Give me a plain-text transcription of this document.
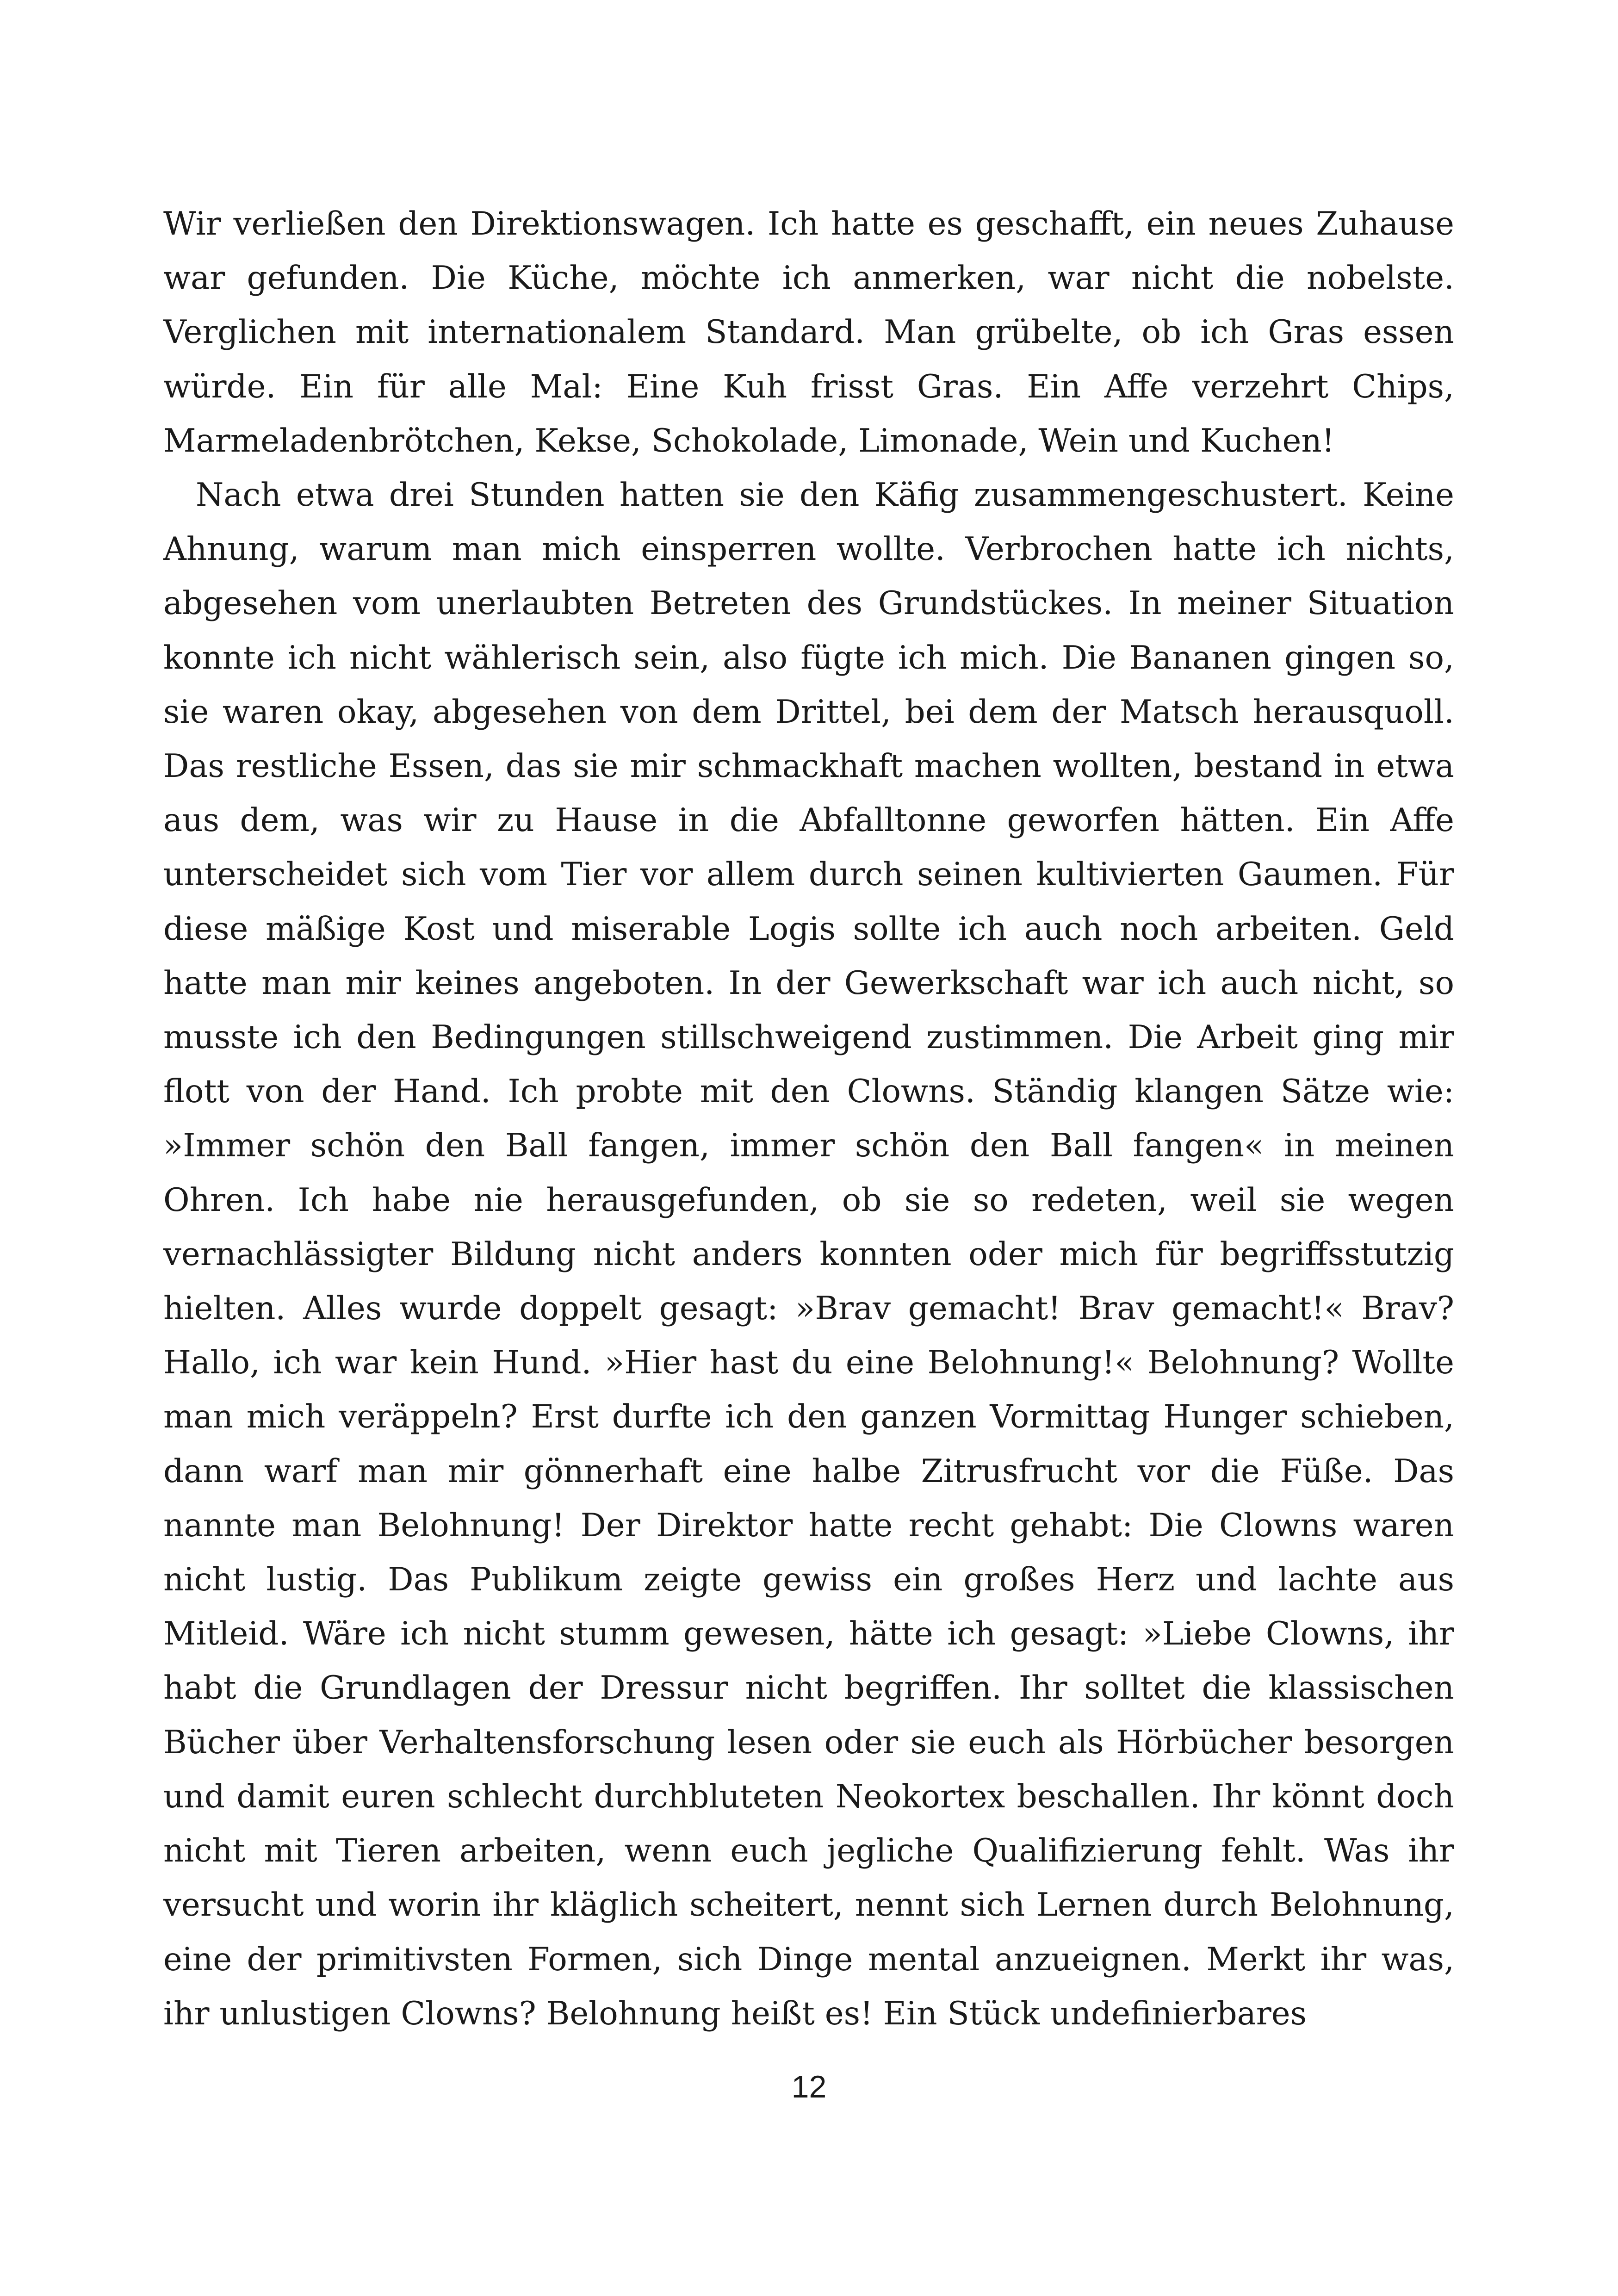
Wir verließen den Direktionswagen. Ich hatte es geschafft, ein neues Zuhause war gefunden. Die Küche, möchte ich anmerken, war nicht die nobelste. Verglichen mit internationalem Standard. Man grübelte, ob ich Gras essen würde. Ein für alle Mal: Eine Kuh frisst Gras. Ein Affe verzehrt Chips, Marmeladenbrötchen, Kekse, Schokolade, Limonade, Wein und Kuchen!

Nach etwa drei Stunden hatten sie den Käfig zusammengeschustert. Keine Ahnung, warum man mich einsperren wollte. Verbrochen hatte ich nichts, abgesehen vom unerlaubten Betreten des Grundstückes. In meiner Situation konnte ich nicht wählerisch sein, also fügte ich mich. Die Bananen gingen so, sie waren okay, abgesehen von dem Drittel, bei dem der Matsch herausquoll. Das restliche Essen, das sie mir schmackhaft machen wollten, bestand in etwa aus dem, was wir zu Hause in die Abfalltonne geworfen hätten. Ein Affe unterscheidet sich vom Tier vor allem durch seinen kultivierten Gaumen. Für diese mäßige Kost und miserable Logis sollte ich auch noch arbeiten. Geld hatte man mir keines angeboten. In der Gewerkschaft war ich auch nicht, so musste ich den Bedingungen stillschweigend zustimmen. Die Arbeit ging mir flott von der Hand. Ich probte mit den Clowns. Ständig klangen Sätze wie: »Immer schön den Ball fangen, immer schön den Ball fangen« in meinen Ohren. Ich habe nie herausgefunden, ob sie so redeten, weil sie wegen vernachlässigter Bildung nicht anders konnten oder mich für begriffsstutzig hielten. Alles wurde doppelt gesagt: »Brav gemacht! Brav gemacht!« Brav? Hallo, ich war kein Hund. »Hier hast du eine Belohnung!« Belohnung? Wollte man mich veräppeln? Erst durfte ich den ganzen Vormittag Hunger schieben, dann warf man mir gönnerhaft eine halbe Zitrusfrucht vor die Füße. Das nannte man Belohnung! Der Direktor hatte recht gehabt: Die Clowns waren nicht lustig. Das Publikum zeigte gewiss ein großes Herz und lachte aus Mitleid. Wäre ich nicht stumm gewesen, hätte ich gesagt: »Liebe Clowns, ihr habt die Grundlagen der Dressur nicht begriffen. Ihr solltet die klassischen Bücher über Verhaltensforschung lesen oder sie euch als Hörbücher besorgen und damit euren schlecht durchbluteten Neokortex beschallen. Ihr könnt doch nicht mit Tieren arbeiten, wenn euch jegliche Qualifizierung fehlt. Was ihr versucht und worin ihr kläglich scheitert, nennt sich Lernen durch Belohnung, eine der primitivsten Formen, sich Dinge mental anzueignen. Merkt ihr was, ihr unlustigen Clowns? Belohnung heißt es! Ein Stück undefinierbares

12
